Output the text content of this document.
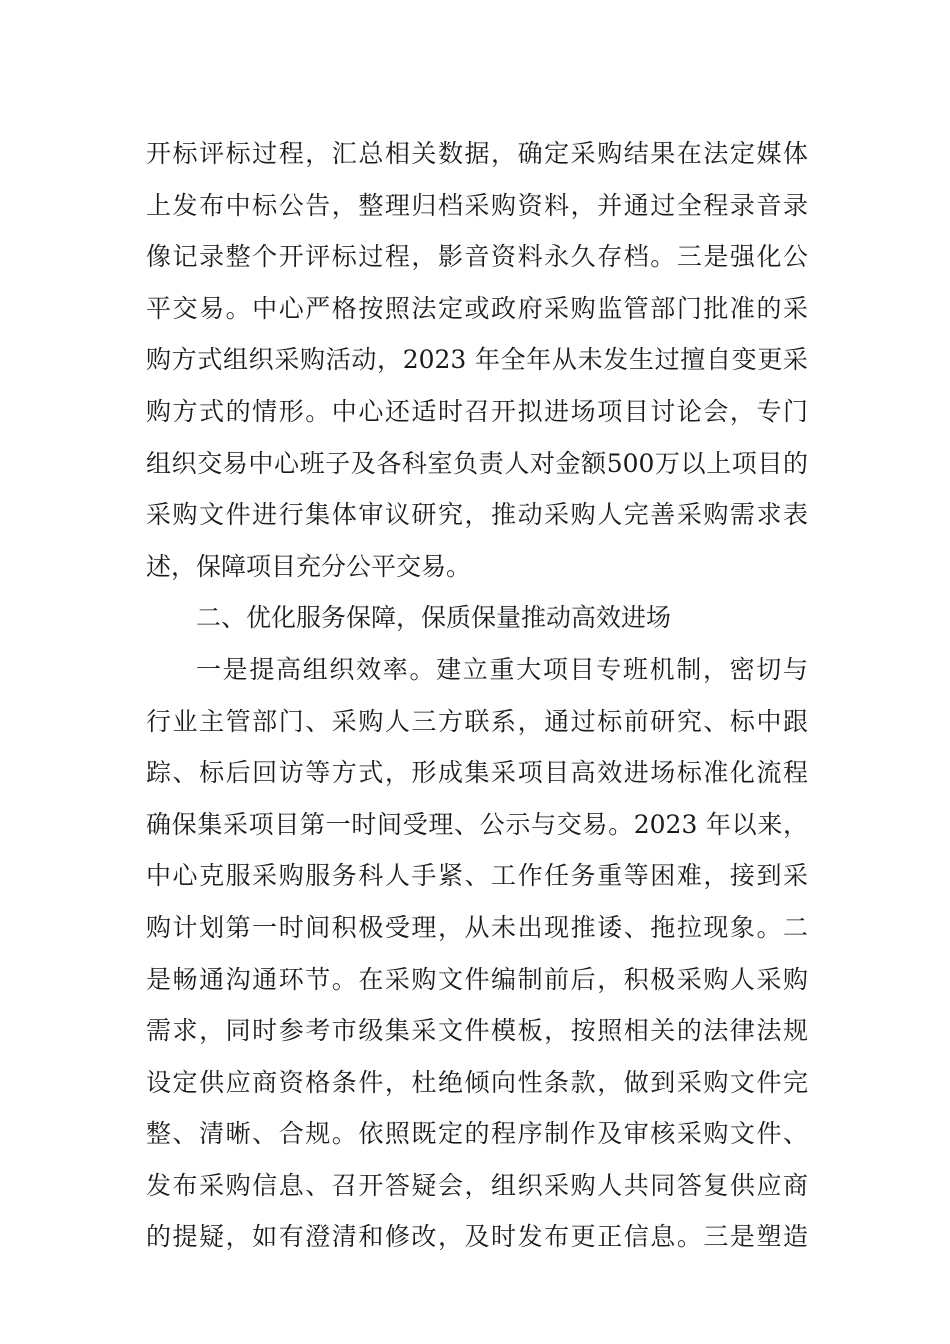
开标评标过程，汇总相关数据，确定采购结果在法定媒体
上发布中标公告，整理归档采购资料，并通过全程录音录
像记录整个开评标过程，影音资料永久存档。三是强化公
平交易。中心严格按照法定或政府采购监管部门批准的采
购方式组织采购活动，2023 年全年从未发生过擅自变更采
购方式的情形。中心还适时召开拟进场项目讨论会，专门
组织交易中心班子及各科室负责人对金额500万以上项目的
采购文件进行集体审议研究，推动采购人完善采购需求表
述，保障项目充分公平交易。
二、优化服务保障，保质保量推动高效进场
一是提高组织效率。建立重大项目专班机制，密切与
行业主管部门、采购人三方联系，通过标前研究、标中跟
踪、标后回访等方式，形成集采项目高效进场标准化流程
确保集采项目第一时间受理、公示与交易。2023 年以来，
中心克服采购服务科人手紧、工作任务重等困难，接到采
购计划第一时间积极受理，从未出现推诿、拖拉现象。二
是畅通沟通环节。在采购文件编制前后，积极采购人采购
需求，同时参考市级集采文件模板，按照相关的法律法规
设定供应商资格条件，杜绝倾向性条款，做到采购文件完
整、清晰、合规。依照既定的程序制作及审核采购文件、
发布采购信息、召开答疑会，组织采购人共同答复供应商
的提疑，如有澄清和修改，及时发布更正信息。三是塑造
